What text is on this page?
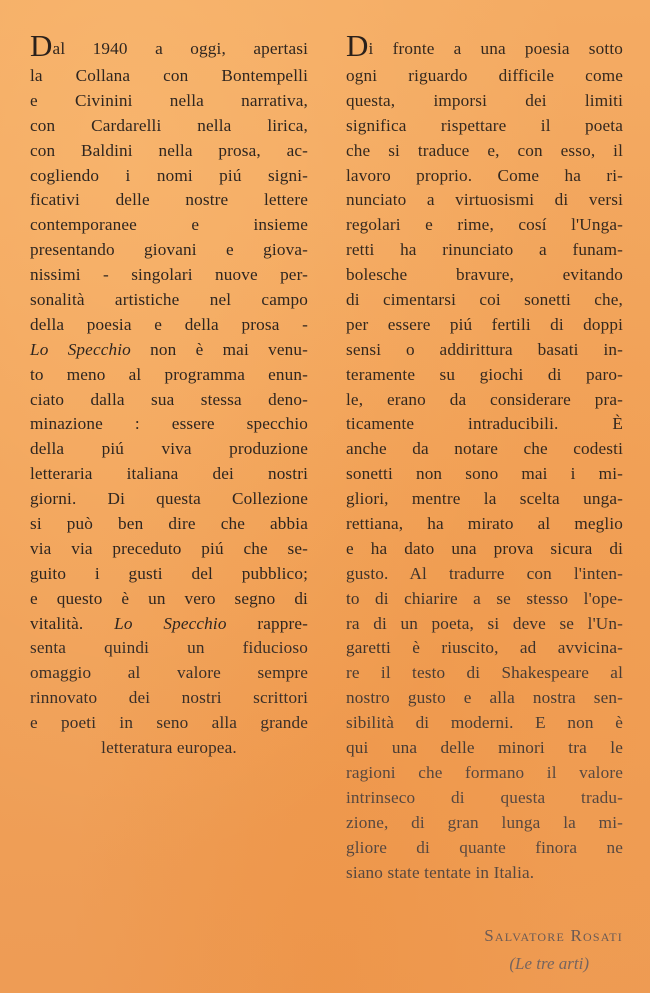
Dal 1940 a oggi, apertasi
la Collana con Bontempelli
e Civinini nella narrativa,
con Cardarelli nella lirica,
con Baldini nella prosa, ac-
cogliendo i nomi piú signi-
ficativi delle nostre lettere
contemporanee e insieme
presentando giovani e giova-
nissimi - singolari nuove per-
sonalità artistiche nel campo
della poesia e della prosa -
Lo Specchio non è mai venu-
to meno al programma enun-
ciato dalla sua stessa deno-
minazione : essere specchio
della piú viva produzione
letteraria italiana dei nostri
giorni. Di questa Collezione
si può ben dire che abbia
via via preceduto piú che se-
guito i gusti del pubblico;
e questo è un vero segno di
vitalità. Lo Specchio rappre-
senta quindi un fiducioso
omaggio al valore sempre
rinnovato dei nostri scrittori
e poeti in seno alla grande
letteratura europea.
Di fronte a una poesia sotto
ogni riguardo difficile come
questa, imporsi dei limiti
significa rispettare il poeta
che si traduce e, con esso, il
lavoro proprio. Come ha ri-
nunciato a virtuosismi di versi
regolari e rime, cosí l'Unga-
retti ha rinunciato a funam-
bolesche bravure, evitando
di cimentarsi coi sonetti che,
per essere piú fertili di doppi
sensi o addirittura basati in-
teramente su giochi di paro-
le, erano da considerare pra-
ticamente intraducibili. È
anche da notare che codesti
sonetti non sono mai i mi-
gliori, mentre la scelta unga-
rettiana, ha mirato al meglio
e ha dato una prova sicura di
gusto. Al tradurre con l'inten-
to di chiarire a se stesso l'ope-
ra di un poeta, si deve se l'Un-
garetti è riuscito, ad avvicina-
re il testo di Shakespeare al
nostro gusto e alla nostra sen-
sibilità di moderni. E non è
qui una delle minori tra le
ragioni che formano il valore
intrinseco di questa tradu-
zione, di gran lunga la mi-
gliore di quante finora ne
siano state tentate in Italia.
Salvatore Rosati
(Le tre arti)
